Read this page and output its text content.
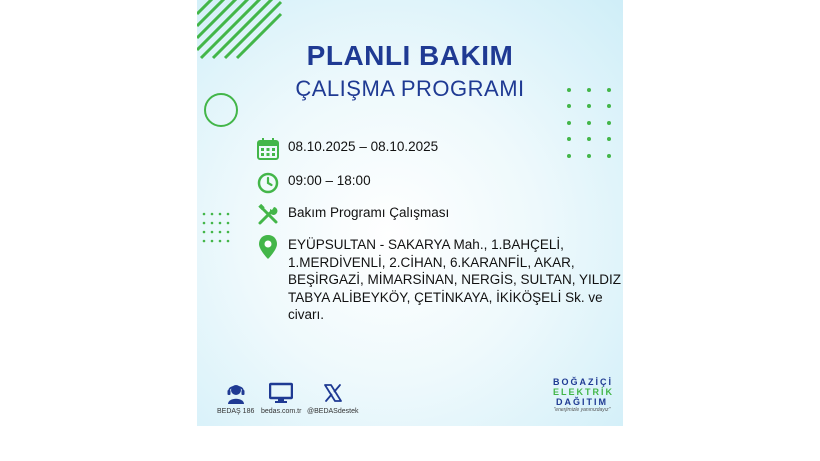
PLANLI BAKIM
ÇALIŞMA PROGRAMI
08.10.2025 – 08.10.2025
09:00 – 18:00
Bakım Programı Çalışması
EYÜPSULTAN - SAKARYA Mah., 1.BAHÇELİ,
1.MERDİVENLİ, 2.CİHAN, 6.KARANFİL, AKAR,
BEŞİRGAZİ, MİMARSİNAN, NERGİS, SULTAN, YILDIZ
TABYA ALİBEYKÖY, ÇETİNKAYA, İKİKÖŞELİ Sk. ve civarı.
BEDAŞ 186 bedas.com.tr @BEDASdestek
BOĞAZİÇİ
ELEKTRİK
DAĞITIM
"enerjimizle yanınızdayız"
